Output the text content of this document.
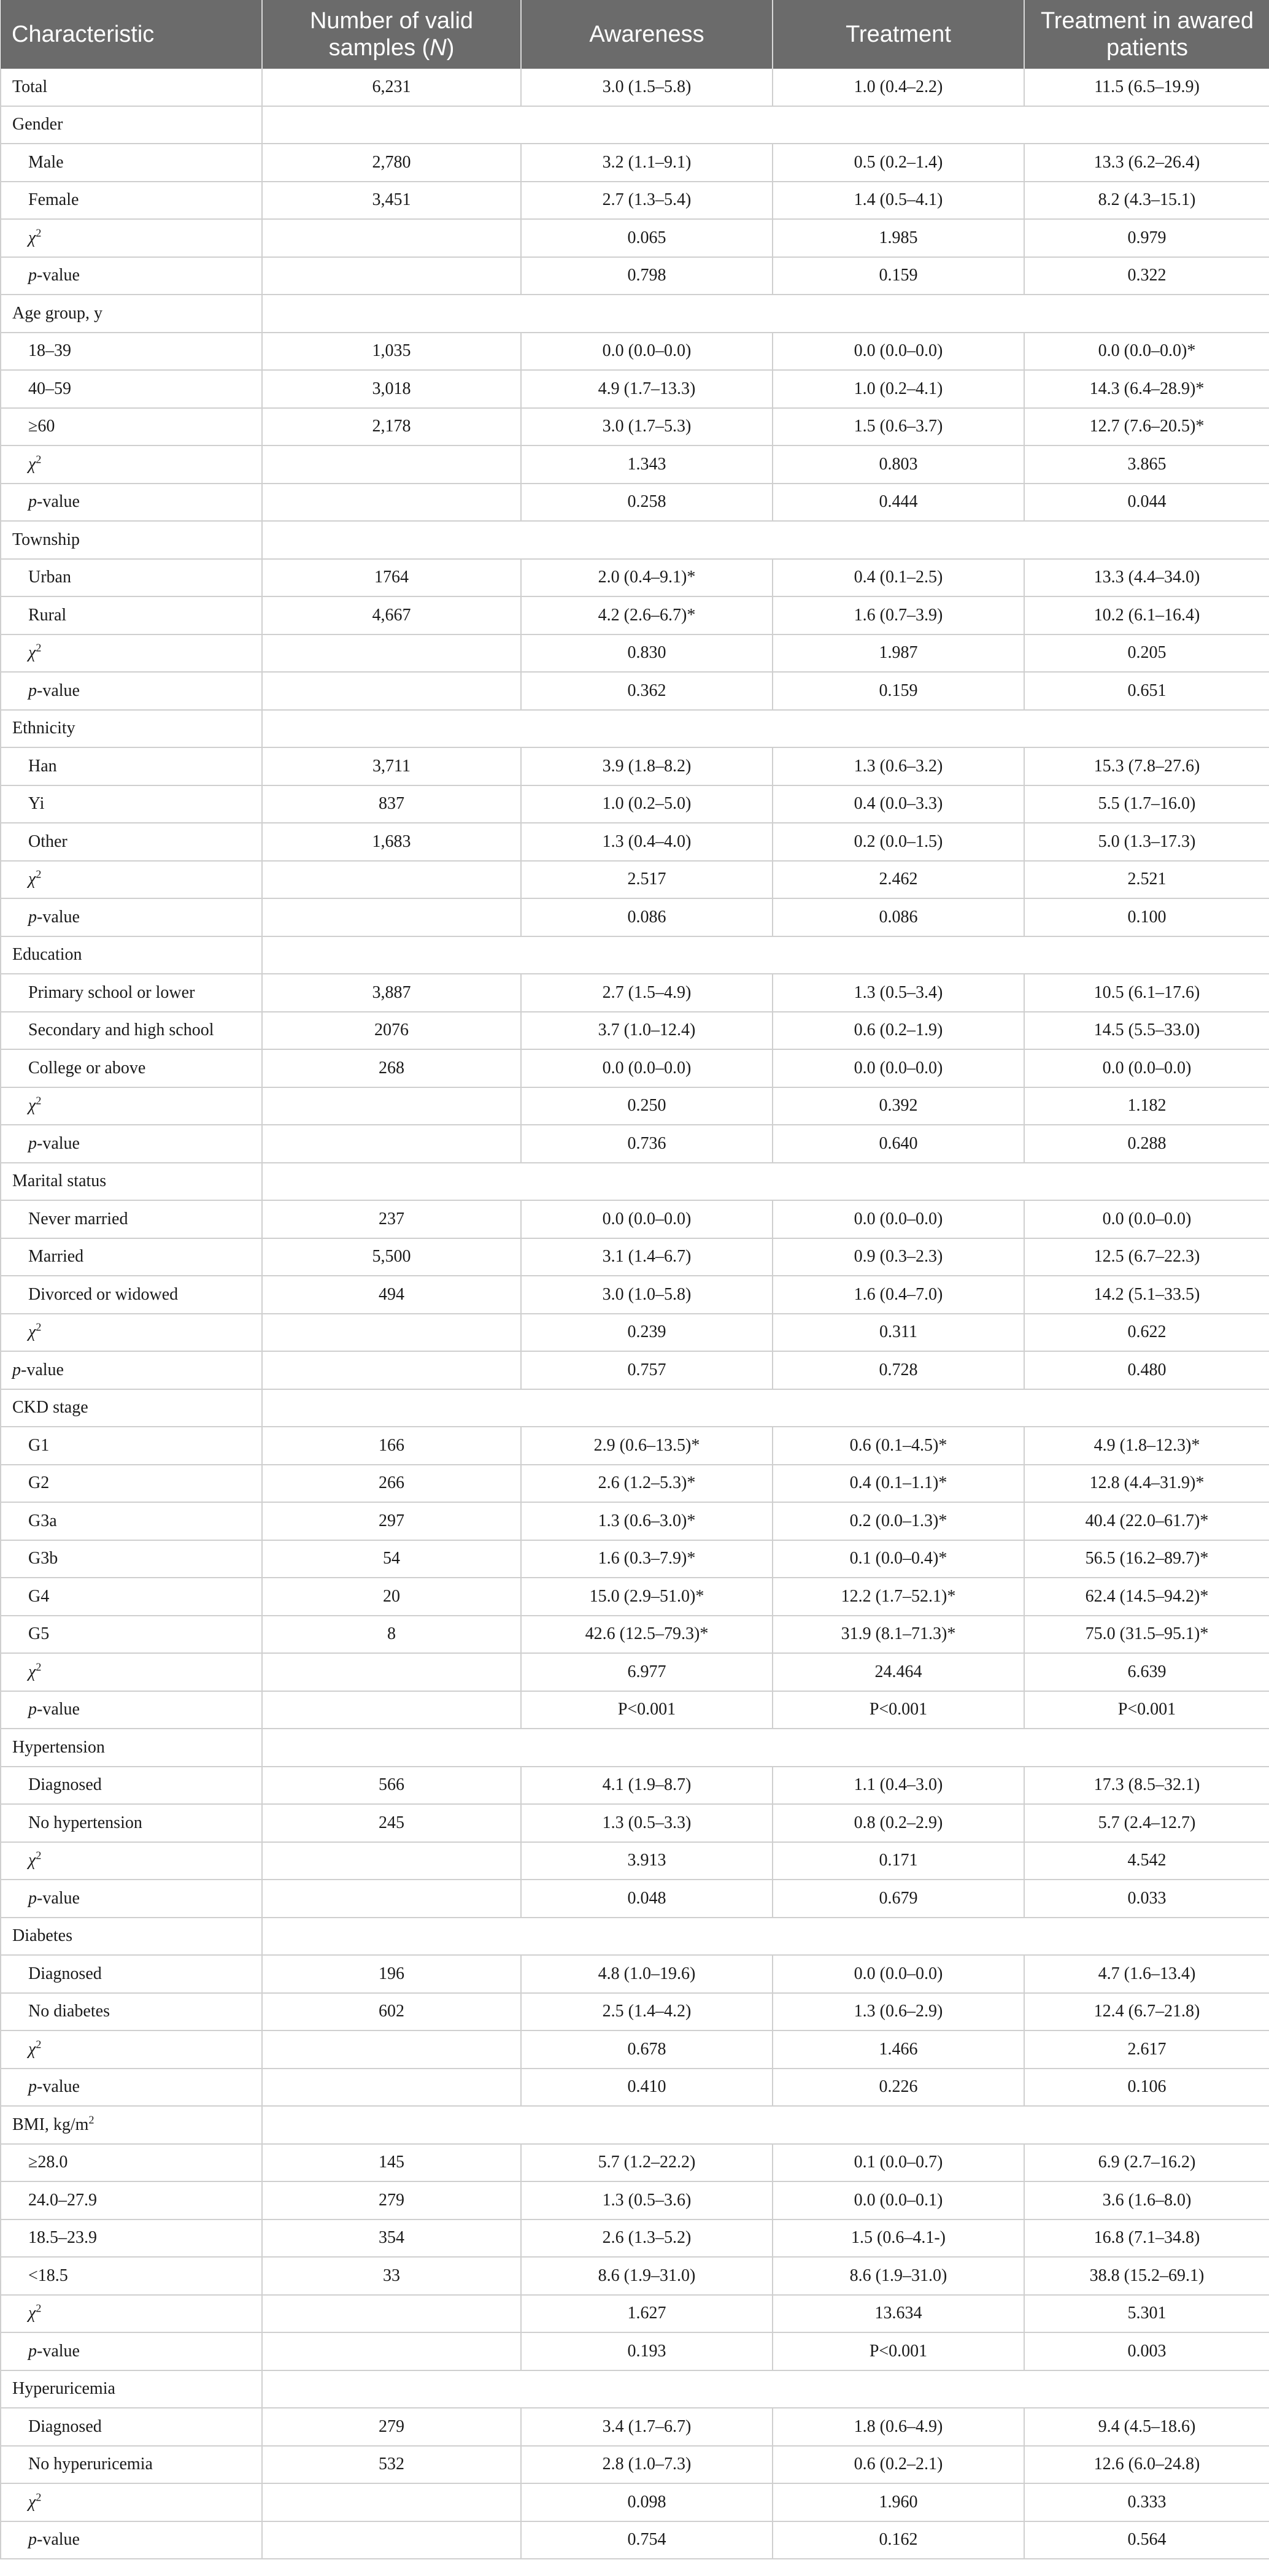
Characteristic	Number of valid samples (N)	Awareness	Treatment	Treatment in awared patients
Total	6,231	3.0 (1.5–5.8)	1.0 (0.4–2.2)	11.5 (6.5–19.9)
Gender				
Male	2,780	3.2 (1.1–9.1)	0.5 (0.2–1.4)	13.3 (6.2–26.4)
Female	3,451	2.7 (1.3–5.4)	1.4 (0.5–4.1)	8.2 (4.3–15.1)
$\chi^2$		0.065	1.985	0.979
p-value		0.798	0.159	0.322
Age group, y				
18–39	1,035	0.0 (0.0–0.0)	0.0 (0.0–0.0)	0.0 (0.0–0.0)*
40–59	3,018	4.9 (1.7–13.3)	1.0 (0.2–4.1)	14.3 (6.4–28.9)*
≥60	2,178	3.0 (1.7–5.3)	1.5 (0.6–3.7)	12.7 (7.6–20.5)*
$\chi^2$		1.343	0.803	3.865
p-value		0.258	0.444	0.044
Township				
Urban	1764	2.0 (0.4–9.1)*	0.4 (0.1–2.5)	13.3 (4.4–34.0)
Rural	4,667	4.2 (2.6–6.7)*	1.6 (0.7–3.9)	10.2 (6.1–16.4)
$\chi^2$		0.830	1.987	0.205
p-value		0.362	0.159	0.651
Ethnicity				
Han	3,711	3.9 (1.8–8.2)	1.3 (0.6–3.2)	15.3 (7.8–27.6)
Yi	837	1.0 (0.2–5.0)	0.4 (0.0–3.3)	5.5 (1.7–16.0)
Other	1,683	1.3 (0.4–4.0)	0.2 (0.0–1.5)	5.0 (1.3–17.3)
$\chi^2$		2.517	2.462	2.521
p-value		0.086	0.086	0.100
Education				
Primary school or lower	3,887	2.7 (1.5–4.9)	1.3 (0.5–3.4)	10.5 (6.1–17.6)
Secondary and high school	2076	3.7 (1.0–12.4)	0.6 (0.2–1.9)	14.5 (5.5–33.0)
College or above	268	0.0 (0.0–0.0)	0.0 (0.0–0.0)	0.0 (0.0–0.0)
$\chi^2$		0.250	0.392	1.182
p-value		0.736	0.640	0.288
Marital status				
Never married	237	0.0 (0.0–0.0)	0.0 (0.0–0.0)	0.0 (0.0–0.0)
Married	5,500	3.1 (1.4–6.7)	0.9 (0.3–2.3)	12.5 (6.7–22.3)
Divorced or widowed	494	3.0 (1.0–5.8)	1.6 (0.4–7.0)	14.2 (5.1–33.5)
$\chi^2$		0.239	0.311	0.622
p-value		0.757	0.728	0.480
CKD stage				
G1	166	2.9 (0.6–13.5)*	0.6 (0.1–4.5)*	4.9 (1.8–12.3)*
G2	266	2.6 (1.2–5.3)*	0.4 (0.1–1.1)*	12.8 (4.4–31.9)*
G3a	297	1.3 (0.6–3.0)*	0.2 (0.0–1.3)*	40.4 (22.0–61.7)*
G3b	54	1.6 (0.3–7.9)*	0.1 (0.0–0.4)*	56.5 (16.2–89.7)*
G4	20	15.0 (2.9–51.0)*	12.2 (1.7–52.1)*	62.4 (14.5–94.2)*
G5	8	42.6 (12.5–79.3)*	31.9 (8.1–71.3)*	75.0 (31.5–95.1)*
$\chi^2$		6.977	24.464	6.639
p-value		P<0.001	P<0.001	P<0.001
Hypertension				
Diagnosed	566	4.1 (1.9–8.7)	1.1 (0.4–3.0)	17.3 (8.5–32.1)
No hypertension	245	1.3 (0.5–3.3)	0.8 (0.2–2.9)	5.7 (2.4–12.7)
$\chi^2$		3.913	0.171	4.542
p-value		0.048	0.679	0.033
Diabetes				
Diagnosed	196	4.8 (1.0–19.6)	0.0 (0.0–0.0)	4.7 (1.6–13.4)
No diabetes	602	2.5 (1.4–4.2)	1.3 (0.6–2.9)	12.4 (6.7–21.8)
$\chi^2$		0.678	1.466	2.617
p-value		0.410	0.226	0.106
BMI, $kg/m^2$				
≥28.0	145	5.7 (1.2–22.2)	0.1 (0.0–0.7)	6.9 (2.7–16.2)
24.0–27.9	279	1.3 (0.5–3.6)	0.0 (0.0–0.1)	3.6 (1.6–8.0)
18.5–23.9	354	2.6 (1.3–5.2)	1.5 (0.6–4.1-)	16.8 (7.1–34.8)
<18.5	33	8.6 (1.9–31.0)	8.6 (1.9–31.0)	38.8 (15.2–69.1)
$\chi^2$		1.627	13.634	5.301
p-value		0.193	P<0.001	0.003
Hyperuricemia				
Diagnosed	279	3.4 (1.7–6.7)	1.8 (0.6–4.9)	9.4 (4.5–18.6)
No hyperuricemia	532	2.8 (1.0–7.3)	0.6 (0.2–2.1)	12.6 (6.0–24.8)
$\chi^2$		0.098	1.960	0.333
p-value		0.754	0.162	0.564
